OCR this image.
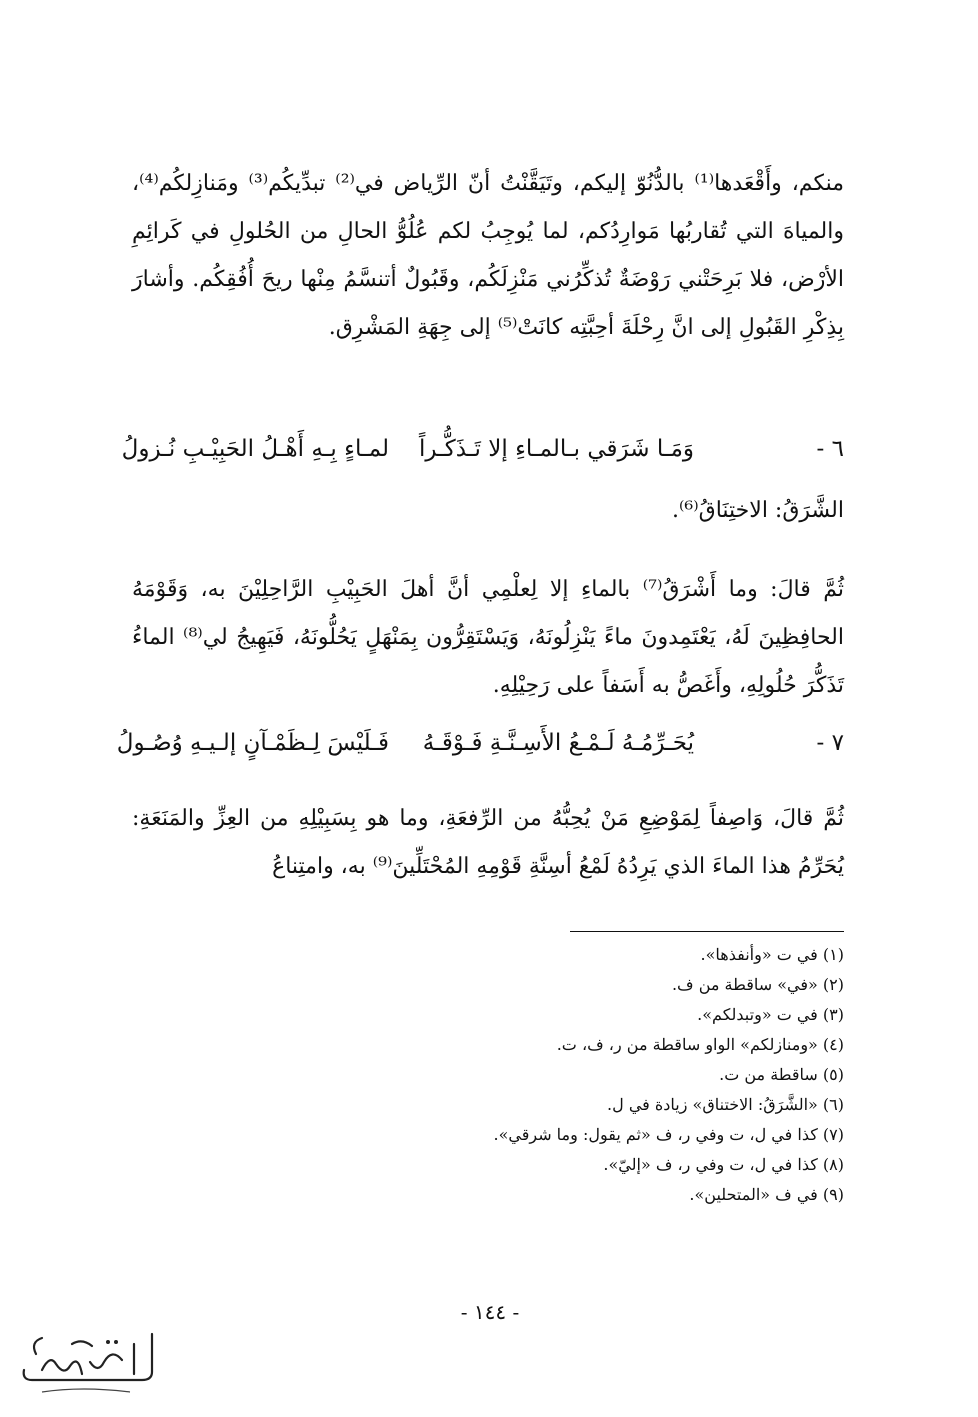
منكم، وأَقْعَدها⁽¹⁾ بالدُّنُوّ إليكم، وتَيَقَّنْتُ أنّ الرِّياض في⁽²⁾ تبدِّيكُم⁽³⁾ ومَنازِلكُم⁽⁴⁾، والمياهَ التي تُقاربُها مَوارِدُكم، لما يُوجِبُ لكم عُلُوُّ الحالِ من الحُلولِ في كَرائِمِ الأرْض، فلا بَرِحَتْني رَوْضَةٌ تُذكِّرُني مَنْزِلَكُم، وقَبُولٌ أتنسَّمُ مِنْها ريحَ أُفُقِكُم. وأشارَ بِذِكْرِ القَبُولِ إلى انَّ رِحْلَةَ أحِبَّتِه كانَتْ⁽⁵⁾ إلى جِهَةِ المَشْرِق.

٦ -
وَمَـا شَرَقي بـالمـاءِ إلا تَـذَكُّـراً
لمـاءٍ بِـهِ أَهْـلُ الحَبِيْـبِ نُـزولُ
الشَّرَقُ: الاختِنَاقُ⁽⁶⁾.

ثُمَّ قالَ: وما أَشْرَقُ⁽⁷⁾ بالماءِ إلا لِعلْمِي أنَّ أهلَ الحَبِيْبِ الرَّاحِلِيْنَ به، وَقَوْمَهُ الحافِظِينَ لَهُ، يَعْتَمِدونَ ماءً يَنْزِلُونَهُ، وَيَسْتَقِرُّون بِمَنْهَلٍ يَحُلُّونَهُ، فَيَهِيجُ لي⁽⁸⁾ الماءُ تَذَكُّرَ حُلُولِهِ، وأَغَصُّ به أَسَفاً على رَحِيْلِهِ.

٧ -
يُحَـرِّمُـهُ لَـمْـعُ الأَسِـنَّـةِ فَـوْقَـهُ
فَـلَيْسَ لِـظَمْـآنٍ إلـيـهِ وُصُـولُ

ثُمَّ قالَ، وَاصِفاً لِمَوْضِعِ مَنْ يُحِبُّهُ من الرِّفعَةِ، وما هو بِسَبِيْلِهِ من العِزِّ والمَنَعَةِ: يُحَرِّمُ هذا الماءَ الذي يَرِدُهُ لَمْعُ أسِنَّةِ قَوْمِهِ المُحْتَلِّينَ⁽⁹⁾ به، وامتِناعُ

(١) في ت «وأنفذها».
(٢) «في» ساقطة من ف.
(٣) في ت «وتبدلكم».
(٤) «ومنازلكم» الواو ساقطة من ر، ف، ت.
(٥) ساقطة من ت.
(٦) «الشَّرَقُ: الاختناق» زيادة في ل.
(٧) كذا في ل، ت وفي ر، ف «ثم يقول: وما شرقي».
(٨) كذا في ل، ت وفي ر، ف «إليّ».
(٩) في ف «المتحلين».
- ١٤٤ -
